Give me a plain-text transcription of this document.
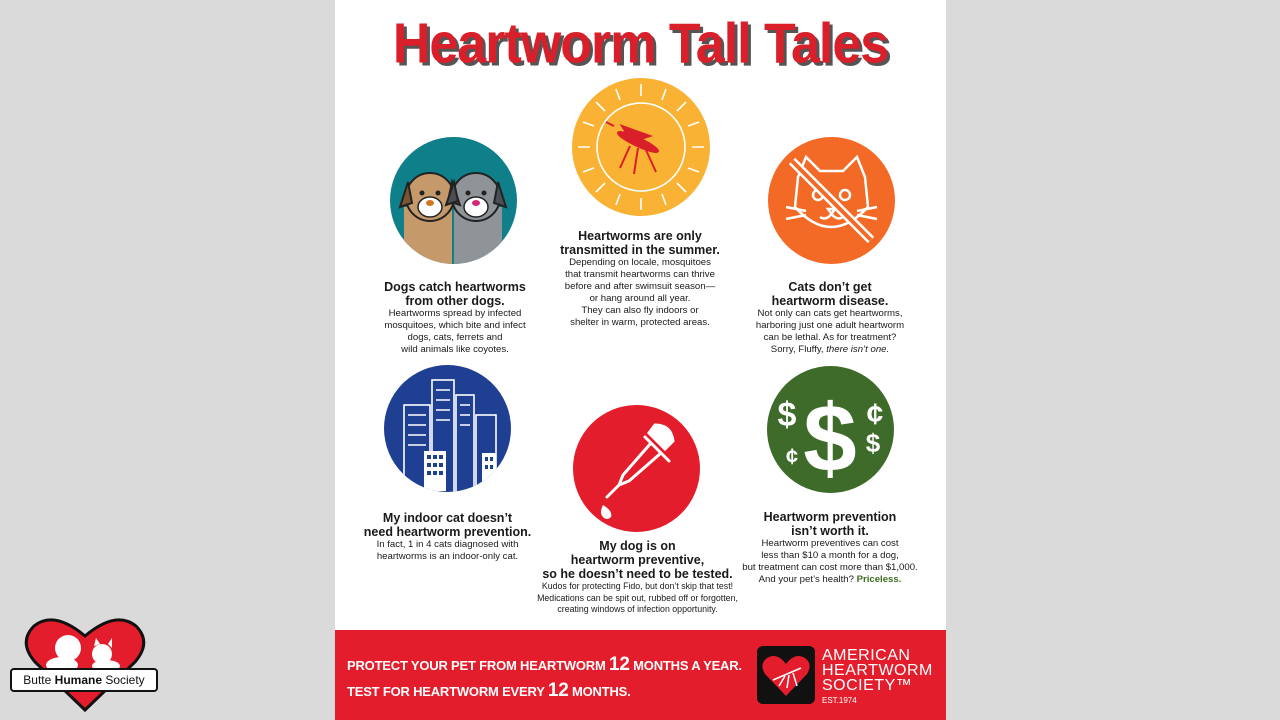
Heartworm Tall Tales
$
$
¢
¢
$
Dogs catch heartworms
from other dogs.
Heartworms spread by infected
mosquitoes, which bite and infect
dogs, cats, ferrets and
wild animals like coyotes.
Heartworms are only
transmitted in the summer.
Depending on locale, mosquitoes
that transmit heartworms can thrive
before and after swimsuit season—
or hang around all year.
They can also fly indoors or
shelter in warm, protected areas.
Cats don’t get
heartworm disease.
Not only can cats get heartworms,
harboring just one adult heartworm
can be lethal. As for treatment?
Sorry, Fluffy, there isn’t one.
My indoor cat doesn’t
need heartworm prevention.
In fact, 1 in 4 cats diagnosed with
heartworms is an indoor-only cat.
My dog is on
heartworm preventive,
so he doesn’t need to be tested.
Kudos for protecting Fido, but don’t skip that test!
Medications can be spit out, rubbed off or forgotten,
creating windows of infection opportunity.
Heartworm prevention
isn’t worth it.
Heartworm preventives can cost
less than $10 a month for a dog,
but treatment can cost more than $1,000.
And your pet’s health? Priceless.
PROTECT YOUR PET FROM HEARTWORM 12 MONTHS A YEAR.
TEST FOR HEARTWORM EVERY 12 MONTHS.
AMERICAN
HEARTWORM
SOCIETY™
EST.1974
Butte Humane Society
